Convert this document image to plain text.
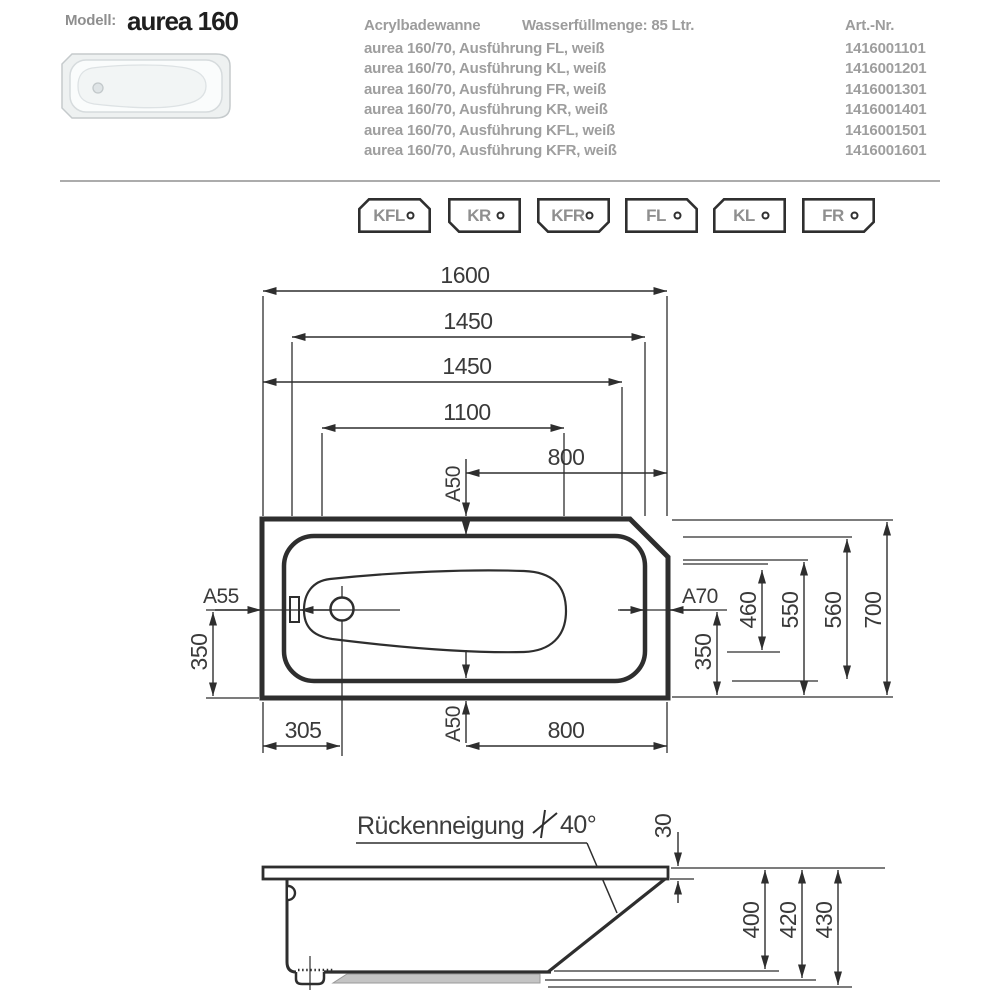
Modell: aurea 160	Acrylbadewanne	Wasserfüllmenge: 85 Ltr.	Art.-Nr.
aurea 160/70, Ausführung FL, weiß	1416001101
aurea 160/70, Ausführung KL, weiß	1416001201
aurea 160/70, Ausführung FR, weiß	1416001301
aurea 160/70, Ausführung KR, weiß	1416001401
aurea 160/70, Ausführung KFL, weiß	1416001501
aurea 160/70, Ausführung KFR, weiß	1416001601
KFL	KR	KFR	FL	KL	FR
1600
1450
1450
1100
800
A50
A55	A70
350
305	A50	800
350
460 550 560 700
Rückenneigung 40° 30
400 420 430
